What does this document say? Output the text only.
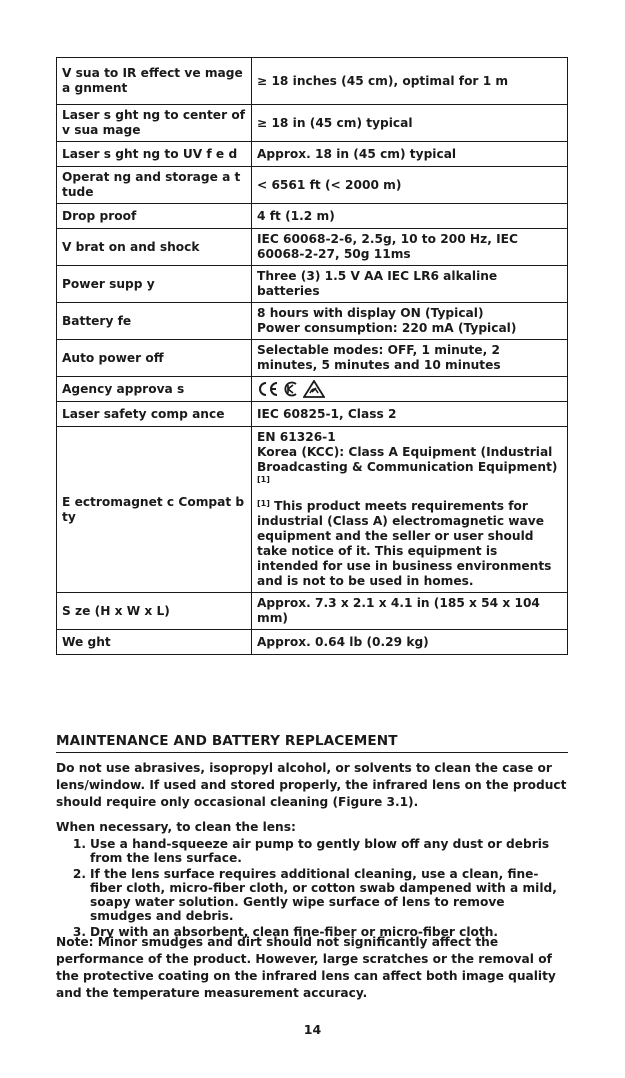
V sua to IR effect ve mage a gnment	≥ 18 inches (45 cm), optimal for 1 m

Laser s ght ng to center of v sua mage	≥ 18 in (45 cm) typical

Laser s ght ng to UV f e d	Approx. 18 in (45 cm) typical

Operat ng and storage a t tude	< 6561 ft (< 2000 m)

Drop proof	4 ft (1.2 m)

V brat on and shock	IEC 60068-2-6, 2.5g, 10 to 200 Hz, IEC 60068-2-27, 50g 11ms

Power supp y	Three (3) 1.5 V AA IEC LR6 alkaline batteries

Battery fe	8 hours with display ON (Typical)
Power consumption: 220 mA (Typical)

Auto power off	Selectable modes: OFF, 1 minute, 2 minutes, 5 minutes and 10 minutes

Agency approva s	

Laser safety comp ance	IEC 60825-1, Class 2

E ectromagnet c Compat b ty	EN 61326-1
Korea (KCC): Class A Equipment (Industrial Broadcasting & Communication Equipment) [1]
[1] This product meets requirements for industrial (Class A) electromagnetic wave equipment and the seller or user should take notice of it. This equipment is intended for use in business environments and is not to be used in homes.

S ze (H x W x L)	Approx. 7.3 x 2.1 x 4.1 in (185 x 54 x 104 mm)

We ght	Approx. 0.64 lb (0.29 kg)
MAINTENANCE AND BATTERY REPLACEMENT
Do not use abrasives, isopropyl alcohol, or solvents to clean the case or lens/window. If used and stored properly, the infrared lens on the product should require only occasional cleaning (Figure 3.1).
When necessary, to clean the lens:
1. Use a hand-squeeze air pump to gently blow off any dust or debris from the lens surface.
2. If the lens surface requires additional cleaning, use a clean, fine-fiber cloth, micro-fiber cloth, or cotton swab dampened with a mild, soapy water solution. Gently wipe surface of lens to remove smudges and debris.
3. Dry with an absorbent, clean fine-fiber or micro-fiber cloth.
Note: Minor smudges and dirt should not significantly affect the performance of the product. However, large scratches or the removal of the protective coating on the infrared lens can affect both image quality and the temperature measurement accuracy.
14
